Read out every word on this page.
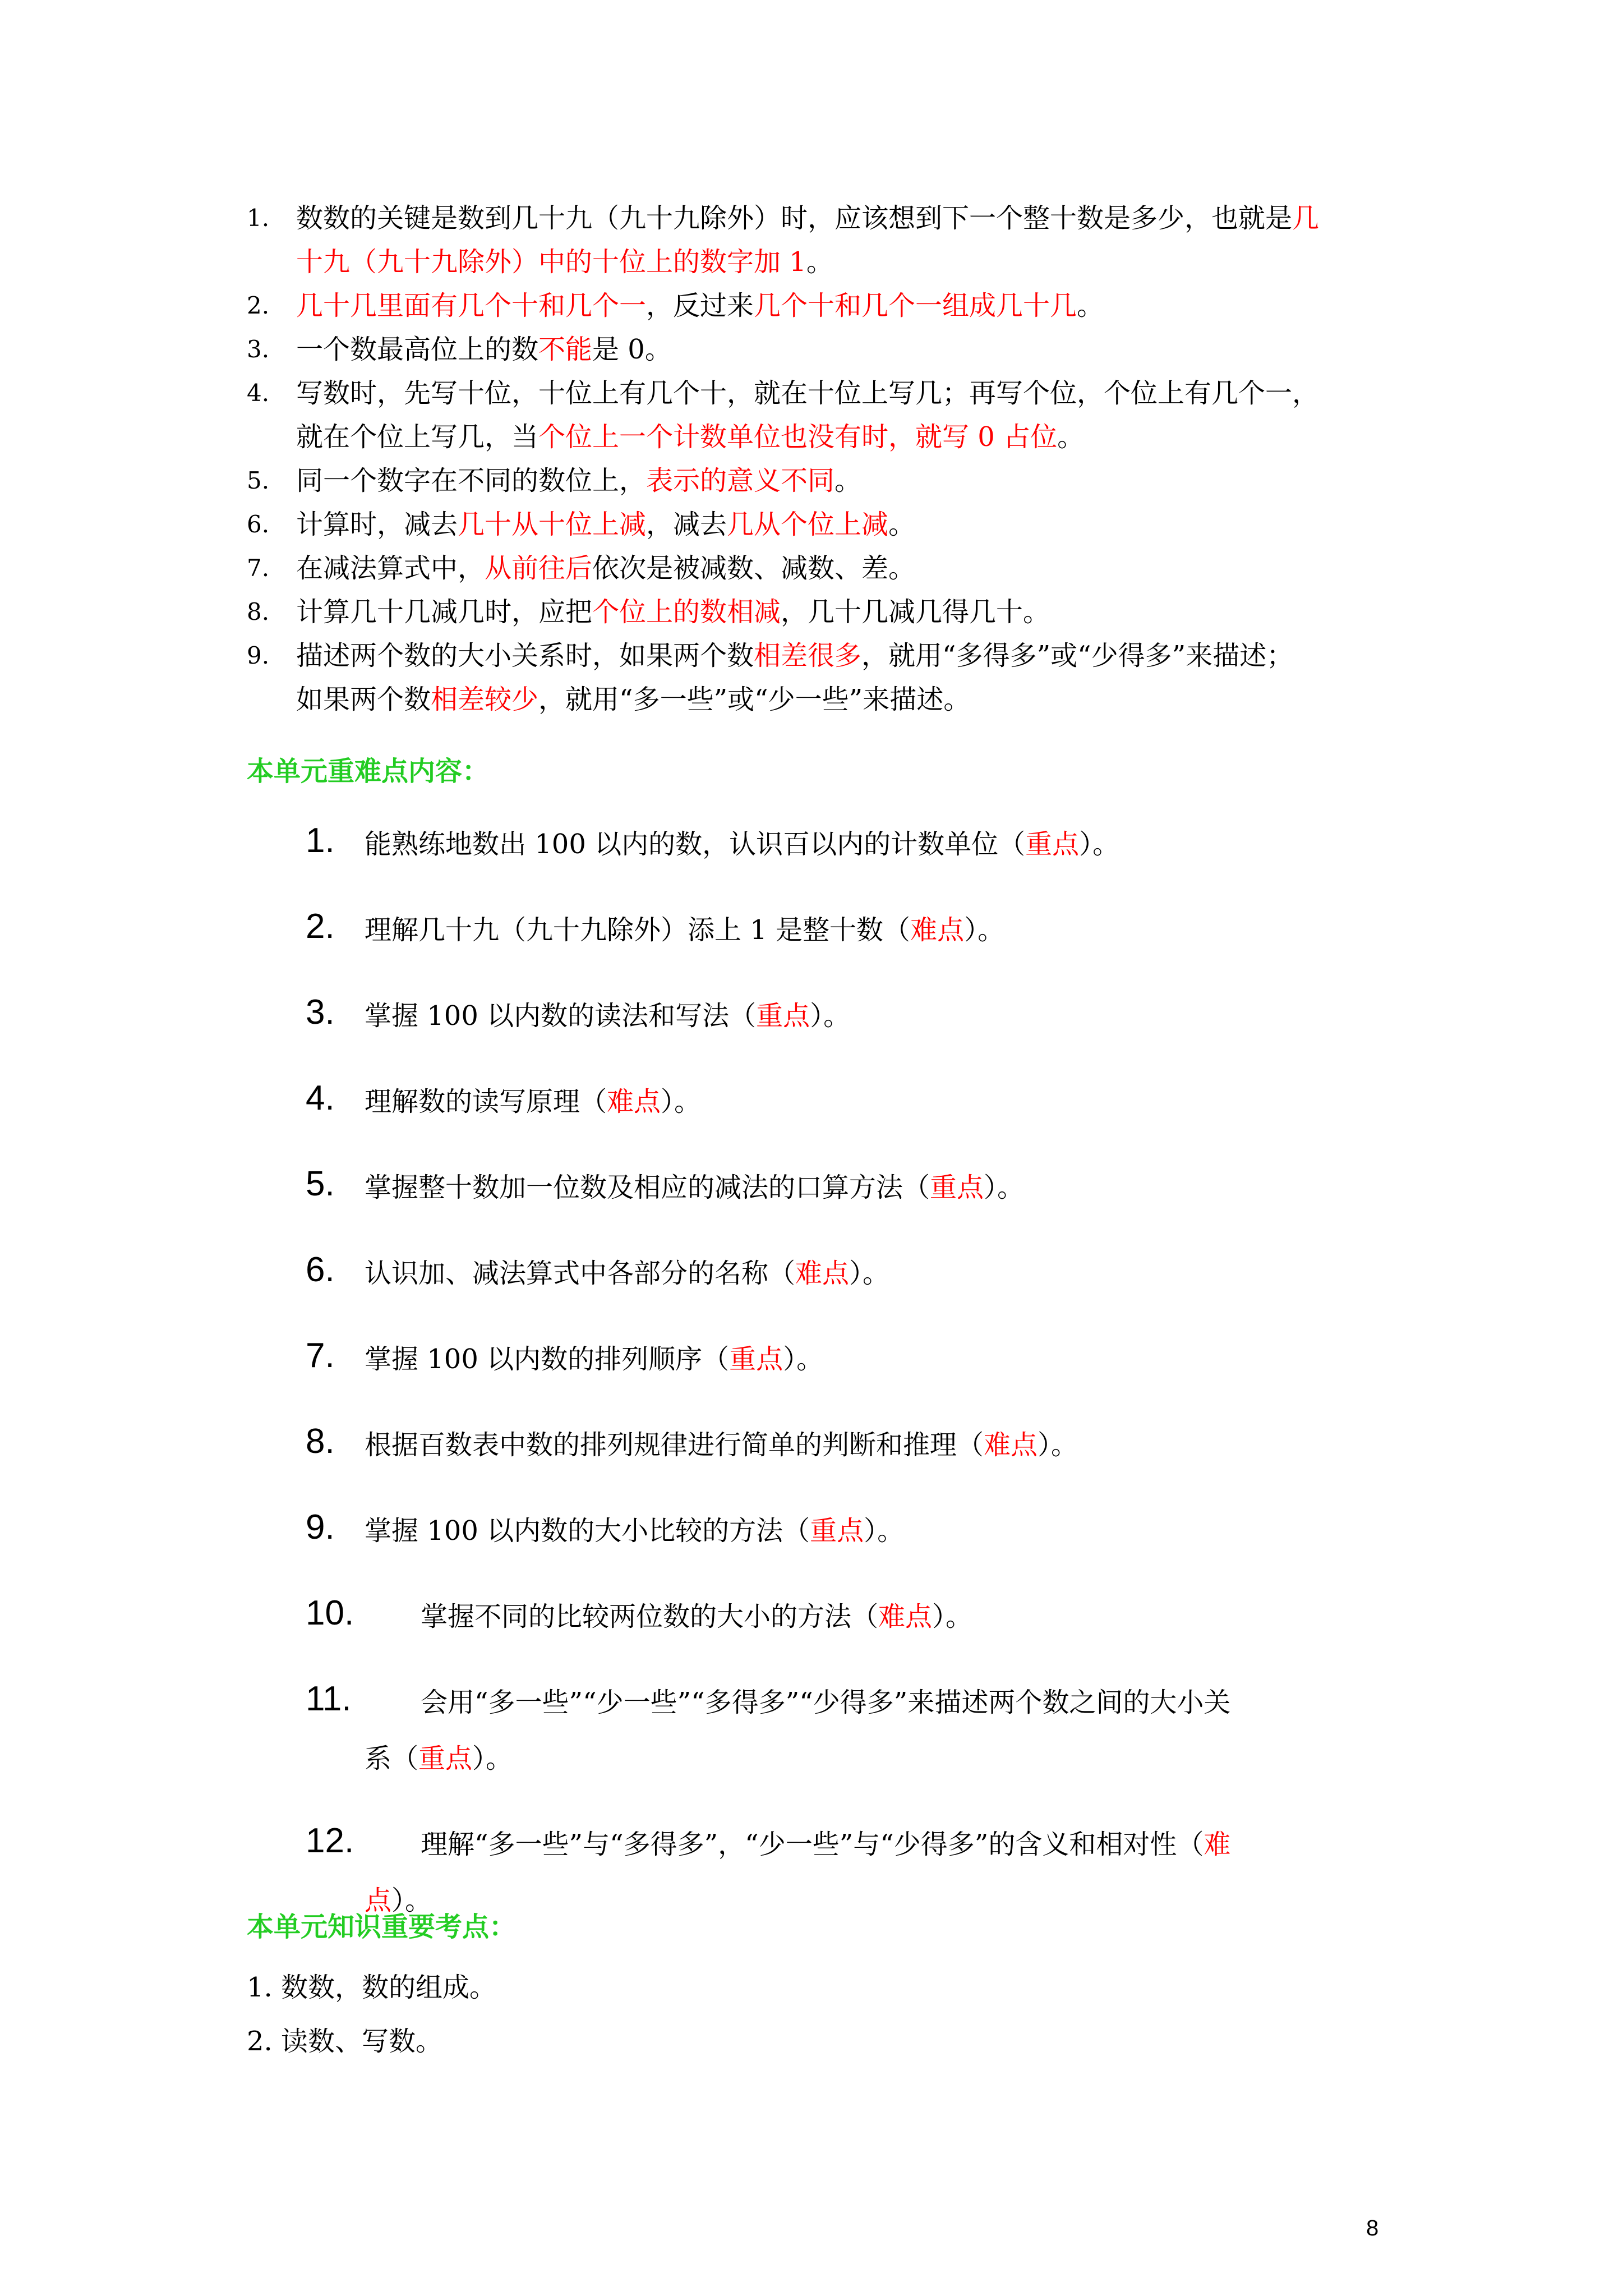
1. 数数的关键是数到几十九（九十九除外）时，应该想到下一个整十数是多少，也就是几
十九（九十九除外）中的十位上的数字加 1。
2. 几十几里面有几个十和几个一，反过来几个十和几个一组成几十几。
3. 一个数最高位上的数不能是 0。
4. 写数时，先写十位，十位上有几个十，就在十位上写几；再写个位，个位上有几个一，
就在个位上写几，当个位上一个计数单位也没有时，就写 0 占位。
5. 同一个数字在不同的数位上，表示的意义不同。
6. 计算时，减去几十从十位上减，减去几从个位上减。
7. 在减法算式中，从前往后依次是被减数、减数、差。
8. 计算几十几减几时，应把个位上的数相减，几十几减几得几十。
9. 描述两个数的大小关系时，如果两个数相差很多，就用“多得多”或“少得多”来描述；
如果两个数相差较少，就用“多一些”或“少一些”来描述。
本单元重难点内容：
1. 能熟练地数出 100 以内的数，认识百以内的计数单位（重点）。
2. 理解几十九（九十九除外）添上 1 是整十数（难点）。
3. 掌握 100 以内数的读法和写法（重点）。
4. 理解数的读写原理（难点）。
5. 掌握整十数加一位数及相应的减法的口算方法（重点）。
6. 认识加、减法算式中各部分的名称（难点）。
7. 掌握 100 以内数的排列顺序（重点）。
8. 根据百数表中数的排列规律进行简单的判断和推理（难点）。
9. 掌握 100 以内数的大小比较的方法（重点）。
10. 掌握不同的比较两位数的大小的方法（难点）。
11.	会用“多一些”“少一些”“多得多”“少得多”来描述两个数之间的大小关
系（重点）。
12. 理解“多一些”与“多得多”，“少一些”与“少得多”的含义和相对性（难
点）。
本单元知识重要考点：
1. 数数，数的组成。
2. 读数、写数。
8
